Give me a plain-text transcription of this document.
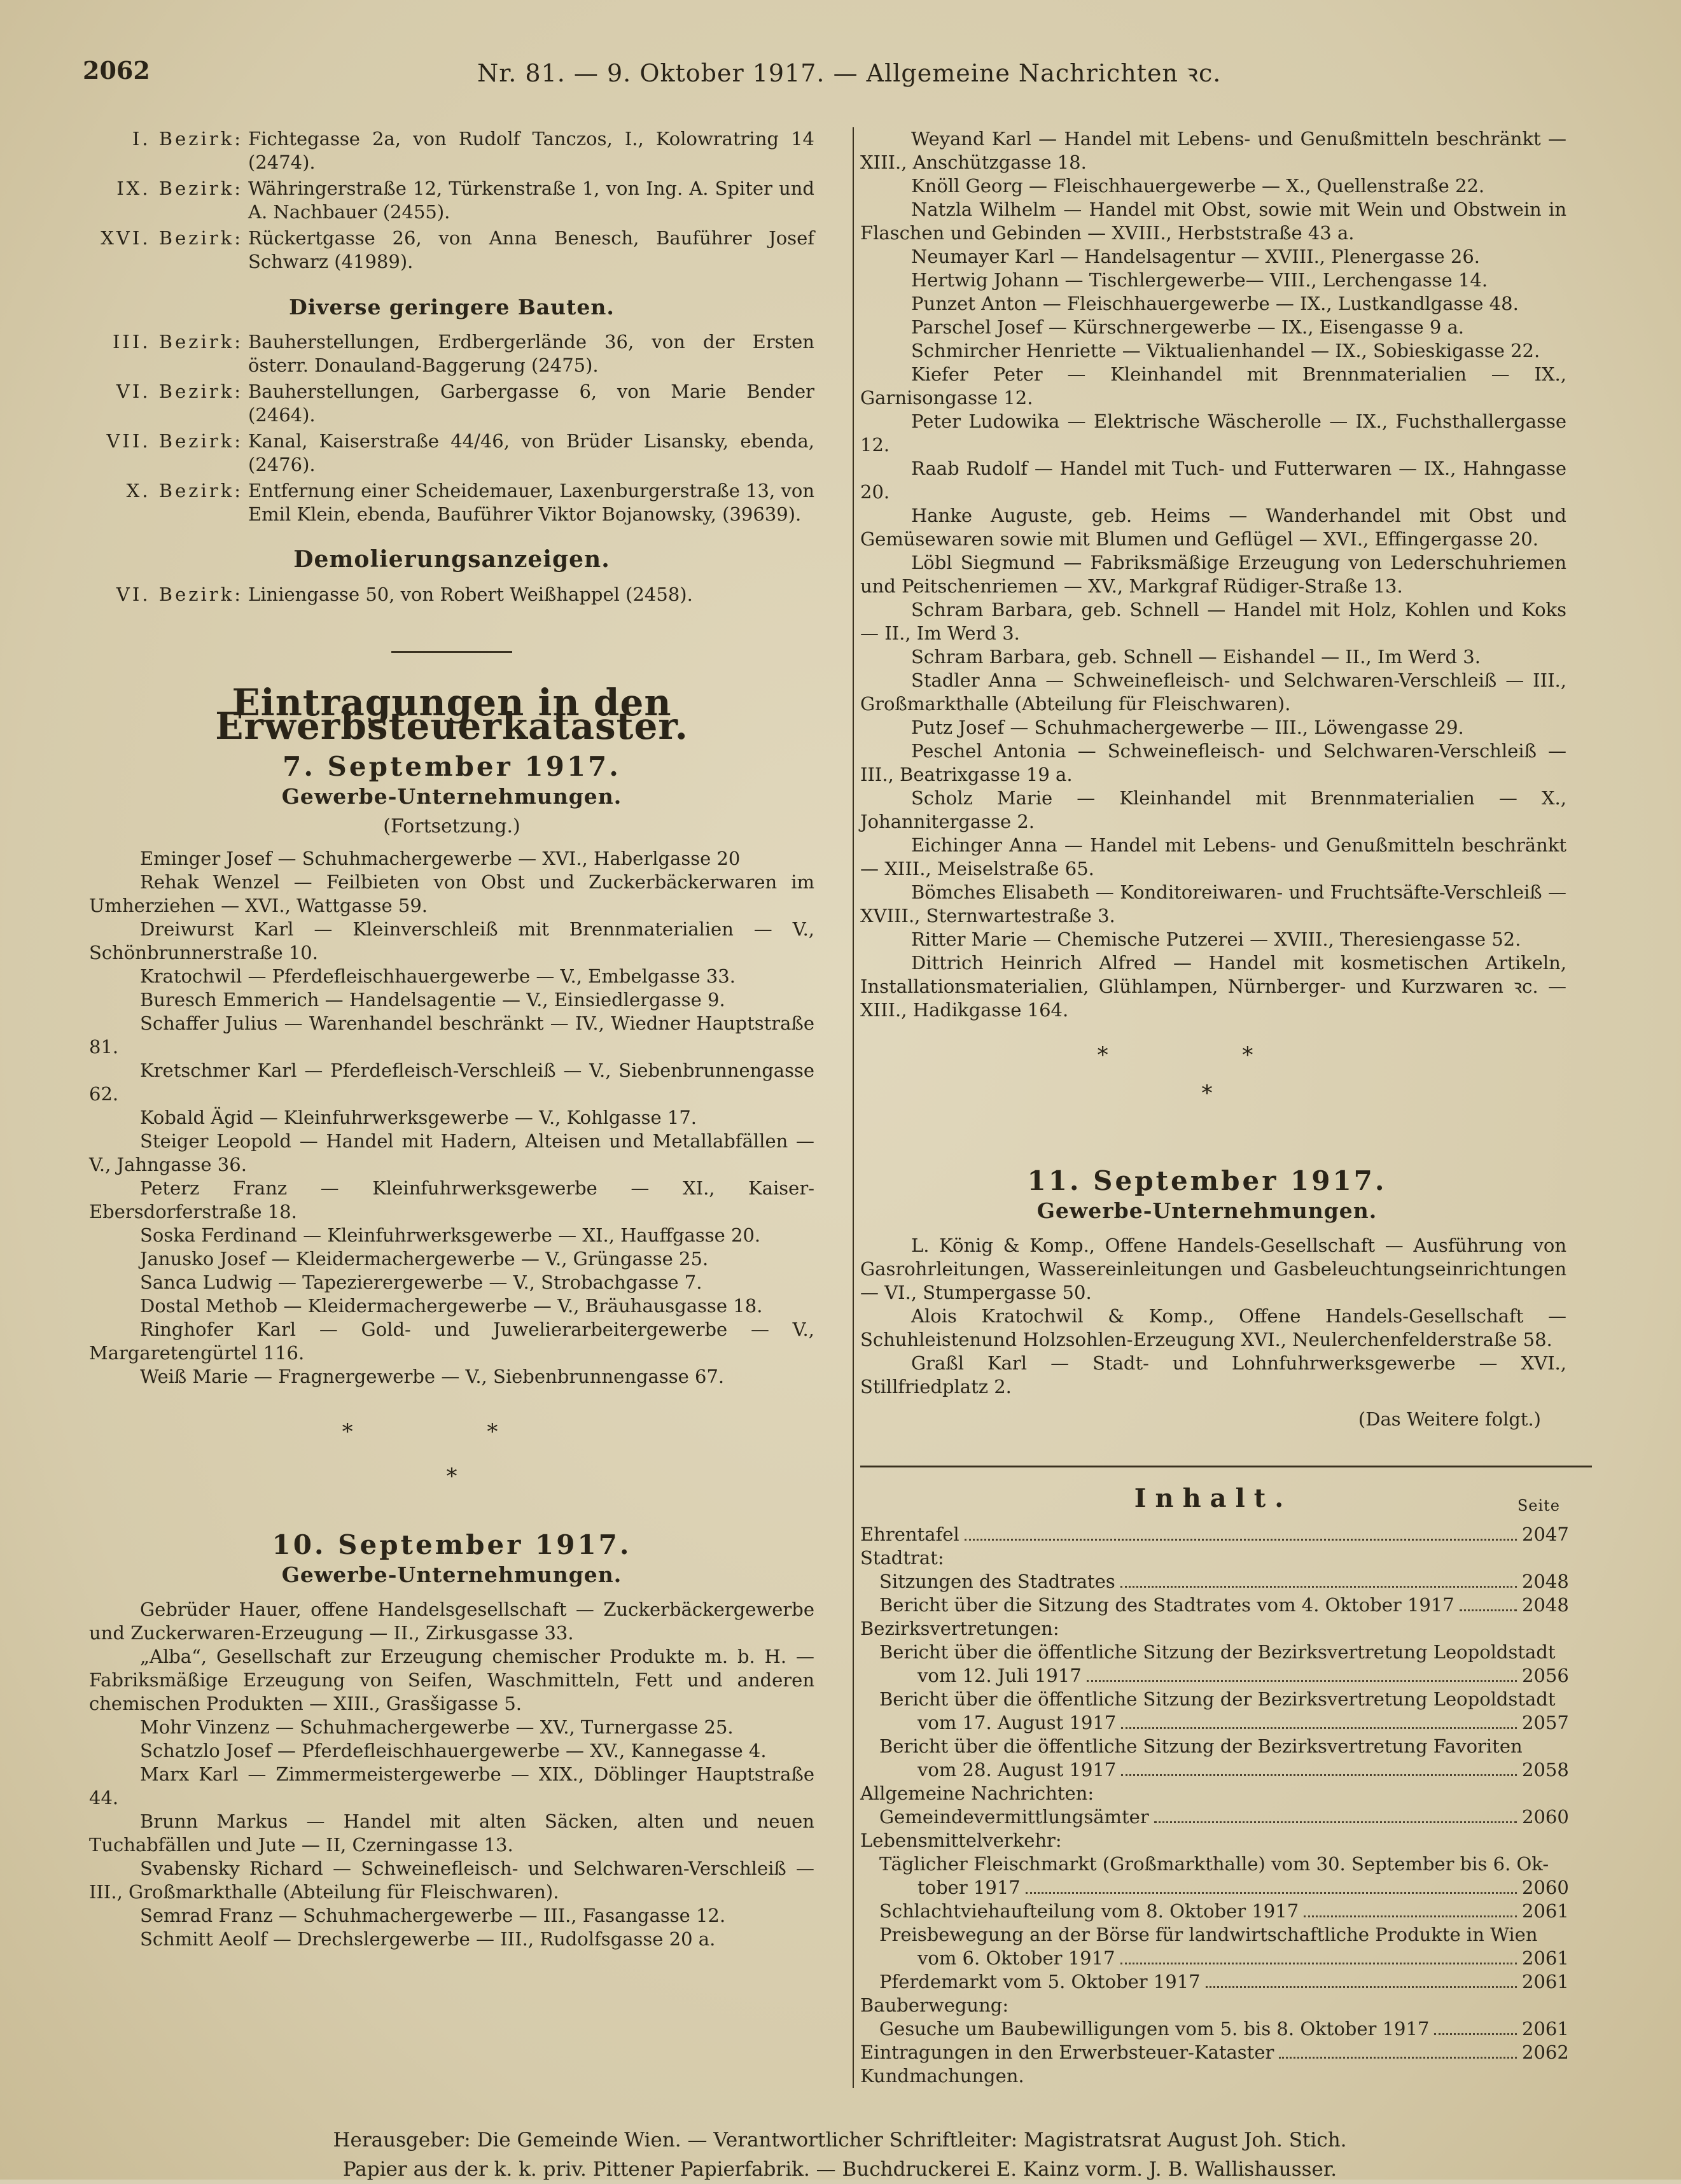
2062	Nr. 81. — 9. Oktober 1917. — Allgemeine Nachrichten ꝛc.

I. Bezirk: Fichtegasse 2a, von Rudolf Tanczos, I., Kolowratring 14 (2474).

IX. Bezirk: Währingerstraße 12, Türkenstraße 1, von Ing. A. Spiter und A. Nachbauer (2455).

XVI. Bezirk: Rückertgasse 26, von Anna Benesch, Bauführer Josef Schwarz (41989).

Diverse geringere Bauten.

III. Bezirk: Bauherstellungen, Erdbergerlände 36, von der Ersten österr. Donauland-Baggerung (2475).

VI. Bezirk: Bauherstellungen, Garbergasse 6, von Marie Bender (2464).

VII. Bezirk: Kanal, Kaiserstraße 44/46, von Brüder Lisansky, ebenda, (2476).

X. Bezirk: Entfernung einer Scheidemauer, Laxenburgerstraße 13, von Emil Klein, ebenda, Bauführer Viktor Bojanowsky, (39639).

Demolierungsanzeigen.

VI. Bezirk: Liniengasse 50, von Robert Weißhappel (2458).

Eintragungen in den Erwerbsteuerkataster.
7. September 1917.
Gewerbe-Unternehmungen.
(Fortsetzung.)

Eminger Josef — Schuhmachergewerbe — XVI., Haberlgasse 20

Rehak Wenzel — Feilbieten von Obst und Zuckerbäckerwaren im Umherziehen — XVI., Wattgasse 59.

Dreiwurst Karl — Kleinverschleiß mit Brennmaterialien — V., Schönbrunnerstraße 10.

Kratochwil — Pferdefleischhauergewerbe — V., Embelgasse 33.

Buresch Emmerich — Handelsagentie — V., Einsiedlergasse 9.

Schaffer Julius — Warenhandel beschränkt — IV., Wiedner Hauptstraße 81.

Kretschmer Karl — Pferdefleisch-Verschleiß — V., Siebenbrunnengasse 62.

Kobald Ägid — Kleinfuhrwerksgewerbe — V., Kohlgasse 17.

Steiger Leopold — Handel mit Hadern, Alteisen und Metallabfällen — V., Jahngasse 36.

Peterz Franz — Kleinfuhrwerksgewerbe — XI., Kaiser-Ebersdorferstraße 18.

Soska Ferdinand — Kleinfuhrwerksgewerbe — XI., Hauffgasse 20.

Janusko Josef — Kleidermachergewerbe — V., Grüngasse 25.

Sanca Ludwig — Tapezierergewerbe — V., Strobachgasse 7.

Dostal Methob — Kleidermachergewerbe — V., Bräuhausgasse 18.

Ringhofer Karl — Gold- und Juwelierarbeitergewerbe — V., Margaretengürtel 116.

Weiß Marie — Fragnergewerbe — V., Siebenbrunnengasse 67.

* *
*
10. September 1917.
Gewerbe-Unternehmungen.

Gebrüder Hauer, offene Handelsgesellschaft — Zuckerbäckergewerbe und Zuckerwaren-Erzeugung — II., Zirkusgasse 33.

„Alba“, Gesellschaft zur Erzeugung chemischer Produkte m. b. H. — Fabriksmäßige Erzeugung von Seifen, Waschmitteln, Fett und anderen chemischen Produkten — XIII., Grasšigasse 5.

Mohr Vinzenz — Schuhmachergewerbe — XV., Turnergasse 25.

Schatzlo Josef — Pferdefleischhauergewerbe — XV., Kannegasse 4.

Marx Karl — Zimmermeistergewerbe — XIX., Döblinger Hauptstraße 44.

Brunn Markus — Handel mit alten Säcken, alten und neuen Tuchabfällen und Jute — II, Czerningasse 13.

Svabensky Richard — Schweinefleisch- und Selchwaren-Verschleiß — III., Großmarkthalle (Abteilung für Fleischwaren).

Semrad Franz — Schuhmachergewerbe — III., Fasangasse 12.

Schmitt Aeolf — Drechslergewerbe — III., Rudolfsgasse 20 a.

Weyand Karl — Handel mit Lebens- und Genußmitteln beschränkt — XIII., Anschützgasse 18.

Knöll Georg — Fleischhauergewerbe — X., Quellenstraße 22.

Natzla Wilhelm — Handel mit Obst, sowie mit Wein und Obstwein in Flaschen und Gebinden — XVIII., Herbststraße 43 a.

Neumayer Karl — Handelsagentur — XVIII., Plenergasse 26.

Hertwig Johann — Tischlergewerbe— VIII., Lerchengasse 14.

Punzet Anton — Fleischhauergewerbe — IX., Lustkandlgasse 48.

Parschel Josef — Kürschnergewerbe — IX., Eisengasse 9 a.

Schmircher Henriette — Viktualienhandel — IX., Sobieskigasse 22.

Kiefer Peter — Kleinhandel mit Brennmaterialien — IX., Garnisongasse 12.

Peter Ludowika — Elektrische Wäscherolle — IX., Fuchsthallergasse 12.

Raab Rudolf — Handel mit Tuch- und Futterwaren — IX., Hahngasse 20.

Hanke Auguste, geb. Heims — Wanderhandel mit Obst und Gemüsewaren sowie mit Blumen und Geflügel — XVI., Effingergasse 20.

Löbl Siegmund — Fabriksmäßige Erzeugung von Lederschuhriemen und Peitschenriemen — XV., Markgraf Rüdiger-Straße 13.

Schram Barbara, geb. Schnell — Handel mit Holz, Kohlen und Koks — II., Im Werd 3.

Schram Barbara, geb. Schnell — Eishandel — II., Im Werd 3.

Stadler Anna — Schweinefleisch- und Selchwaren-Verschleiß — III., Großmarkthalle (Abteilung für Fleischwaren).

Putz Josef — Schuhmachergewerbe — III., Löwengasse 29.

Peschel Antonia — Schweinefleisch- und Selchwaren-Verschleiß — III., Beatrixgasse 19 a.

Scholz Marie — Kleinhandel mit Brennmaterialien — X., Johannitergasse 2.

Eichinger Anna — Handel mit Lebens- und Genußmitteln beschränkt — XIII., Meiselstraße 65.

Bömches Elisabeth — Konditoreiwaren- und Fruchtsäfte-Verschleiß — XVIII., Sternwartestraße 3.

Ritter Marie — Chemische Putzerei — XVIII., Theresiengasse 52.

Dittrich Heinrich Alfred — Handel mit kosmetischen Artikeln, Installationsmaterialien, Glühlampen, Nürnberger- und Kurzwaren ꝛc. — XIII., Hadikgasse 164.

* *
*
11. September 1917.
Gewerbe-Unternehmungen.

L. König & Komp., Offene Handels-Gesellschaft — Ausführung von Gasrohrleitungen, Wassereinleitungen und Gasbeleuchtungseinrichtungen — VI., Stumpergasse 50.

Alois Kratochwil & Komp., Offene Handels-Gesellschaft — Schuhleistenund Holzsohlen-Erzeugung XVI., Neulerchenfelderstraße 58.

Graßl Karl — Stadt- und Lohnfuhrwerksgewerbe — XVI., Stillfriedplatz 2.

(Das Weitere folgt.)
Inhalt.	Seite
Ehrentafel	2047
Stadtrat:
Sitzungen des Stadtrates	2048
Bericht über die Sitzung des Stadtrates vom 4. Oktober 1917	2048
Bezirksvertretungen:
Bericht über die öffentliche Sitzung der Bezirksvertretung Leopoldstadt
vom 12. Juli 1917	2056
Bericht über die öffentliche Sitzung der Bezirksvertretung Leopoldstadt
vom 17. August 1917	2057
Bericht über die öffentliche Sitzung der Bezirksvertretung Favoriten
vom 28. August 1917	2058
Allgemeine Nachrichten:
Gemeindevermittlungsämter	2060
Lebensmittelverkehr:
Täglicher Fleischmarkt (Großmarkthalle) vom 30. September bis 6. Ok-
tober 1917	2060
Schlachtviehaufteilung vom 8. Oktober 1917	2061
Preisbewegung an der Börse für landwirtschaftliche Produkte in Wien
vom 6. Oktober 1917	2061
Pferdemarkt vom 5. Oktober 1917	2061
Bauberwegung:
Gesuche um Baubewilligungen vom 5. bis 8. Oktober 1917	2061
Eintragungen in den Erwerbsteuer-Kataster	2062
Kundmachungen.
Herausgeber: Die Gemeinde Wien. — Verantwortlicher Schriftleiter: Magistratsrat August Joh. Stich.
Papier aus der k. k. priv. Pittener Papierfabrik. — Buchdruckerei E. Kainz vorm. J. B. Wallishausser.
